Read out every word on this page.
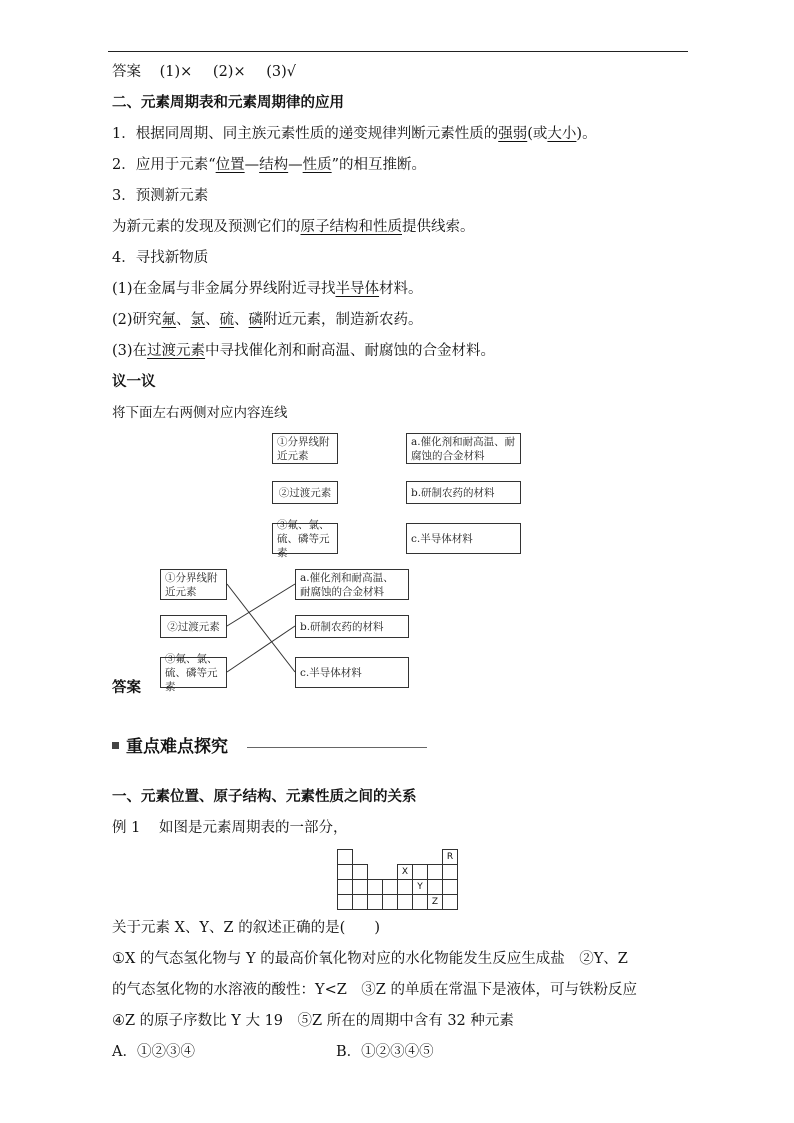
答案 (1)× (2)× (3)√
二、元素周期表和元素周期律的应用
1．根据同周期、同主族元素性质的递变规律判断元素性质的强弱(或大小)。
2．应用于元素“位置—结构—性质”的相互推断。
3．预测新元素
为新元素的发现及预测它们的原子结构和性质提供线索。
4．寻找新物质
(1)在金属与非金属分界线附近寻找半导体材料。
(2)研究氟、氯、硫、磷附近元素，制造新农药。
(3)在过渡元素中寻找催化剂和耐高温、耐腐蚀的合金材料。
议一议
将下面左右两侧对应内容连线
①分界线附近元素
②过渡元素
③氟、氯、硫、磷等元素
a.催化剂和耐高温、耐腐蚀的合金材料
b.研制农药的材料
c.半导体材料
①分界线附近元素
②过渡元素
③氟、氯、硫、磷等元素
a.催化剂和耐高温、耐腐蚀的合金材料
b.研制农药的材料
c.半导体材料
答案
重点难点探究
一、元素位置、原子结构、元素性质之间的关系
例 1 如图是元素周期表的一部分，
							R
				X			
					Y		
						Z	
关于元素 X、Y、Z 的叙述正确的是(　　)
①X 的气态氢化物与 Y 的最高价氧化物对应的水化物能发生反应生成盐　②Y、Z
的气态氢化物的水溶液的酸性：Y<Z　③Z 的单质在常温下是液体，可与铁粉反应
④Z 的原子序数比 Y 大 19　⑤Z 所在的周期中含有 32 种元素
A．①②③④	B．①②③④⑤
